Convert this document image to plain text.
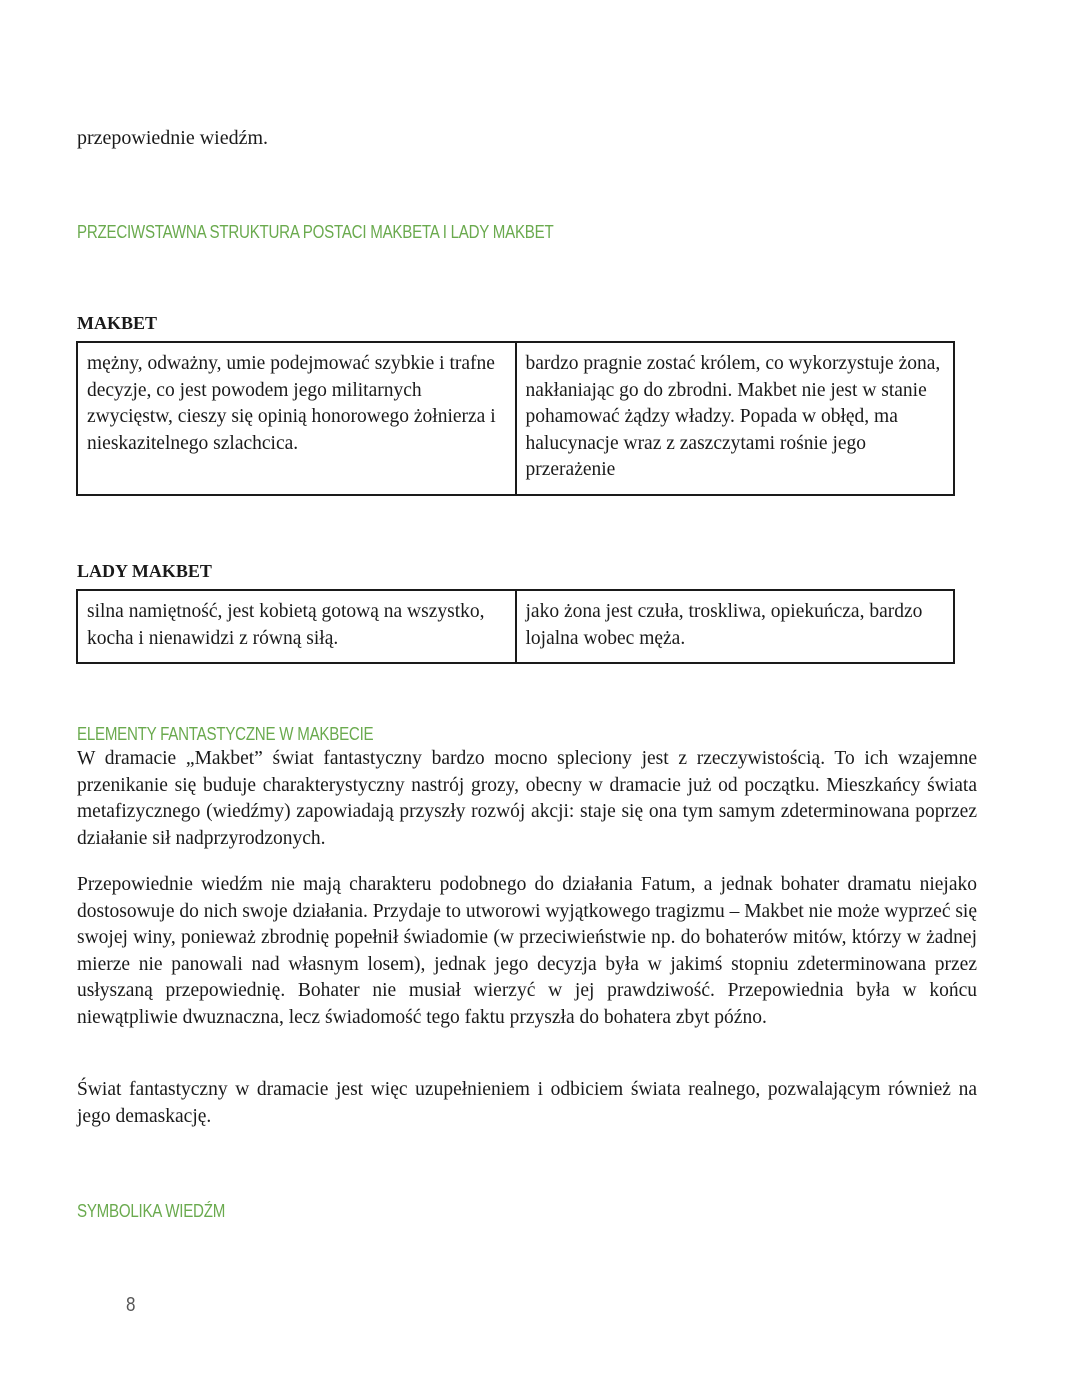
przepowiednie wiedźm.
PRZECIWSTAWNA STRUKTURA POSTACI MAKBETA I LADY MAKBET
MAKBET
mężny, odważny, umie podejmować szybkie i trafne decyzje, co jest powodem jego militarnych zwycięstw, cieszy się opinią honorowego żołnierza i nieskazitelnego szlachcica.	bardzo pragnie zostać królem, co wykorzystuje żona, nakłaniając go do zbrodni. Makbet nie jest w stanie pohamować żądzy władzy. Popada w obłęd, ma halucynacje wraz z zaszczytami rośnie jego przerażenie
LADY MAKBET
silna namiętność, jest kobietą gotową na wszystko, kocha i nienawidzi z równą siłą.	jako żona jest czuła, troskliwa, opiekuńcza, bardzo lojalna wobec męża.
ELEMENTY FANTASTYCZNE W MAKBECIE
W dramacie „Makbet” świat fantastyczny bardzo mocno spleciony jest z rzeczywistością. To ich wzajemne przenikanie się buduje charakterystyczny nastrój grozy, obecny w dramacie już od początku. Mieszkańcy świata metafizycznego (wiedźmy) zapowiadają przyszły rozwój akcji: staje się ona tym samym zdeterminowana poprzez działanie sił nadprzyrodzonych.
Przepowiednie wiedźm nie mają charakteru podobnego do działania Fatum, a jednak bohater dramatu niejako dostosowuje do nich swoje działania. Przydaje to utworowi wyjątkowego tragizmu – Makbet nie może wyprzeć się swojej winy, ponieważ zbrodnię popełnił świadomie (w przeciwieństwie np. do bohaterów mitów, którzy w żadnej mierze nie panowali nad własnym losem), jednak jego decyzja była w jakimś stopniu zdeterminowana przez usłyszaną przepowiednię. Bohater nie musiał wierzyć w jej prawdziwość. Przepowiednia była w końcu niewątpliwie dwuznaczna, lecz świadomość tego faktu przyszła do bohatera zbyt późno.
Świat fantastyczny w dramacie jest więc uzupełnieniem i odbiciem świata realnego, pozwalającym również na jego demaskację.
SYMBOLIKA WIEDŹM
8
